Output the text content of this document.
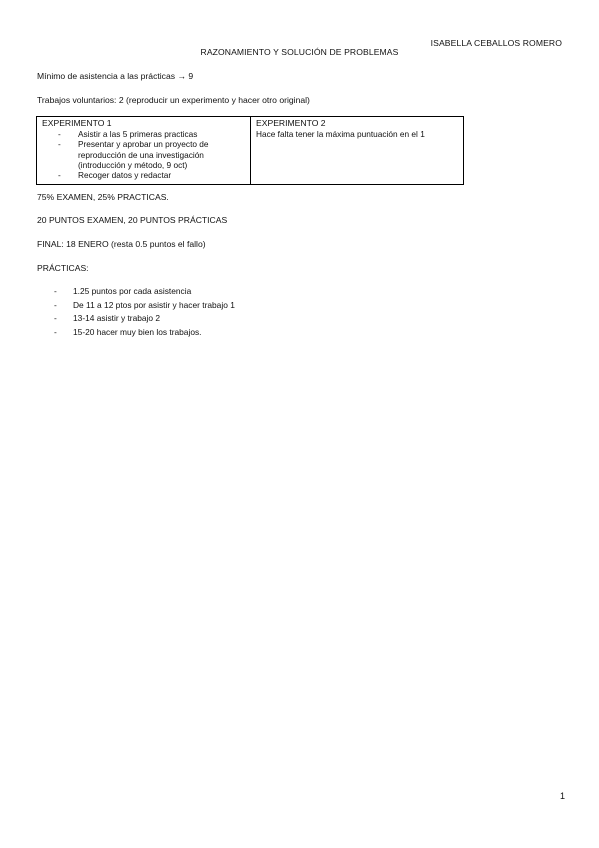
ISABELLA CEBALLOS ROMERO
RAZONAMIENTO Y SOLUCIÓN DE PROBLEMAS
Mínimo de asistencia a las prácticas → 9
Trabajos voluntarios: 2 (reproducir un experimento y hacer otro original)
EXPERIMENTO 1
- Asistir a las 5 primeras practicas
- Presentar y aprobar un proyecto de reproducción de una investigación (introducción y método, 9 oct)
- Recoger datos y redactar
EXPERIMENTO 2
Hace falta tener la máxima puntuación en el 1
75% EXAMEN, 25% PRACTICAS.
20 PUNTOS EXAMEN, 20 PUNTOS PRÁCTICAS
FINAL: 18 ENERO (resta 0.5 puntos el fallo)
PRÁCTICAS:
- 1.25 puntos por cada asistencia
- De 11 a 12 ptos por asistir y hacer trabajo 1
- 13-14 asistir y trabajo 2
- 15-20 hacer muy bien los trabajos.
1
